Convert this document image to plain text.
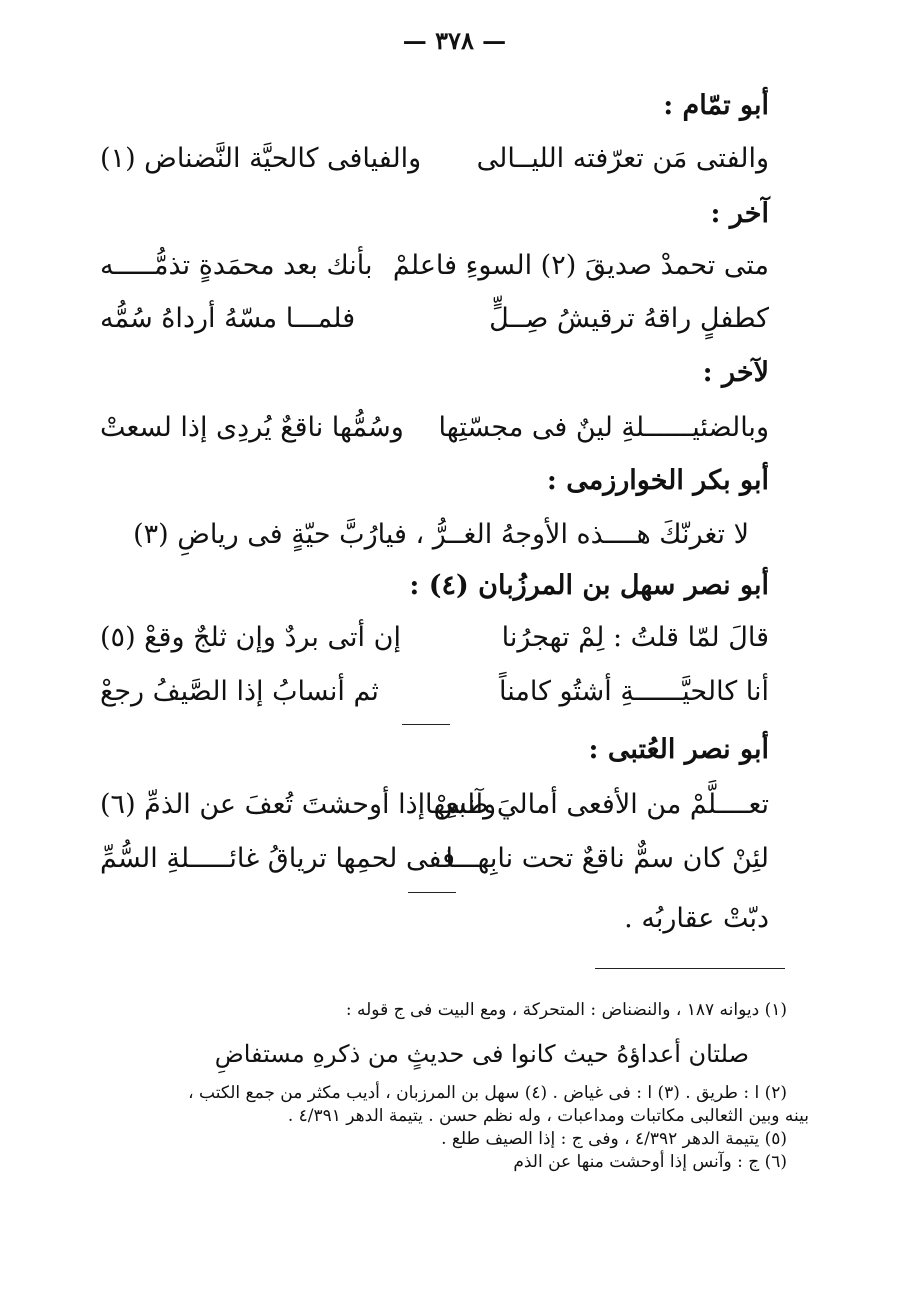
— ٣٧٨ —
أبو تمّام :
والفتى مَن تعرّفته الليــالى
والفيافى كالحيَّة النَّضناض (١)
آخر :
متى تحمدْ صديقَ (٢) السوءِ فاعلمْ
بأنك بعد محمَدةٍ تذمُّـــــه
كطفلٍ راقهُ ترقيشُ صِــلٍّ
فلمـــا مسّهُ أرداهُ سُمُّه
لآخر :
وبالضئيــــــلةِ لينٌ فى مجسّتِها
وسُمُّها ناقعٌ يُردِى إذا لسعتْ
أبو بكر الخوارزمى :
لا تغرنّكَ هــــذه الأوجهُ الغــرُّ ، فيارُبَّ حيّةٍ فى رياضِ (٣)
أبو نصر سهل بن المرزُبان (٤) :
قالَ لمّا قلتُ : لِمْ تهجرُنا
إن أتى بردٌ وإن ثلجٌ وقعْ (٥)
أنا كالحيَّــــــةِ أشتُو كامناً
ثم أنسابُ إذا الصَّيفُ رجعْ
أبو نصر العُتبى :
تعــــلَّمْ من الأفعى أماليَ طبعِها
وآنسْ إذا أوحشتَ تُعفَ عن الذمِّ (٦)
لئِنْ كان سمٌّ ناقعٌ تحت نابِهـــا
ففى لحمِها ترياقُ غائـــــلةِ السُّمِّ
دبّتْ عقاربُه .
(١) ديوانه ١٨٧ ، والنضناض : المتحركة ، ومع البيت فى ج قوله :
صلتان أعداؤهُ حيث كانوا فى حديثٍ من ذكرهِ مستفاضِ
(٢) ا : طريق . (٣) ا : فى غياض . (٤) سهل بن المرزبان ، أديب مكثر من جمع الكتب ،
بينه وبين الثعالبى مكاتبات ومداعبات ، وله نظم حسن . يتيمة الدهر ٤/٣٩١ .
(٥) يتيمة الدهر ٤/٣٩٢ ، وفى ج : إذا الصيف طلع .
(٦) ج : وآنس إذا أوحشت منها عن الذم
